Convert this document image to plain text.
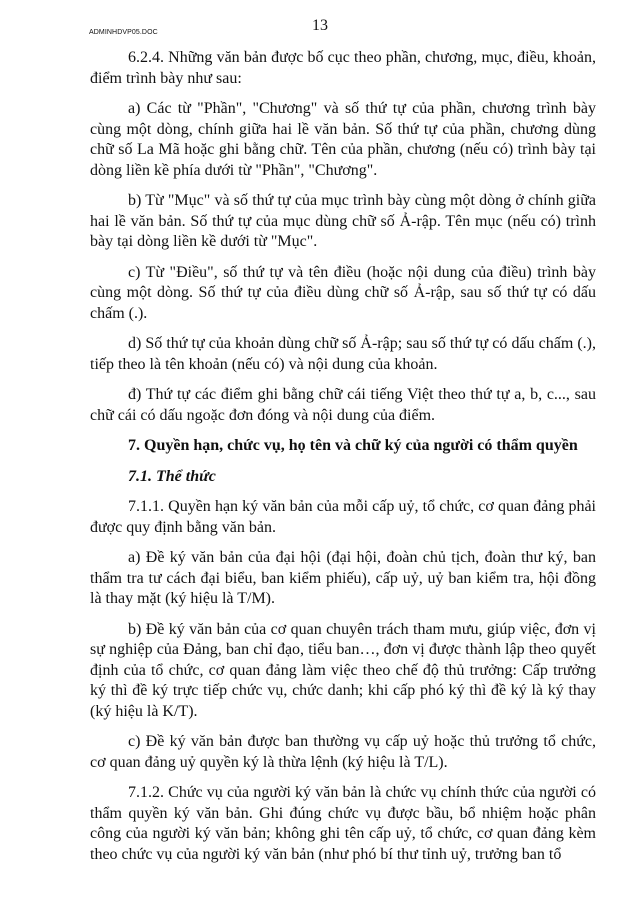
ADMINHDVP05.DOC	13

6.2.4. Những văn bản được bố cục theo phần, chương, mục, điều, khoản, điểm trình bày như sau:

a) Các từ "Phần", "Chương" và số thứ tự của phần, chương trình bày cùng một dòng, chính giữa hai lề văn bản. Số thứ tự của phần, chương dùng chữ số La Mã hoặc ghi bằng chữ. Tên của phần, chương (nếu có) trình bày tại dòng liền kề phía dưới từ "Phần", "Chương".

b) Từ "Mục" và số thứ tự của mục trình bày cùng một dòng ở chính giữa hai lề văn bản. Số thứ tự của mục dùng chữ số Ả-rập. Tên mục (nếu có) trình bày tại dòng liền kề dưới từ "Mục".

c) Từ "Điều", số thứ tự và tên điều (hoặc nội dung của điều) trình bày cùng một dòng. Số thứ tự của điều dùng chữ số Ả-rập, sau số thứ tự có dấu chấm (.).

d) Số thứ tự của khoản dùng chữ số Ả-rập; sau số thứ tự có dấu chấm (.), tiếp theo là tên khoản (nếu có) và nội dung của khoản.

đ) Thứ tự các điểm ghi bằng chữ cái tiếng Việt theo thứ tự a, b, c..., sau chữ cái có dấu ngoặc đơn đóng và nội dung của điểm.

7. Quyền hạn, chức vụ, họ tên và chữ ký của người có thẩm quyền

7.1. Thể thức

7.1.1. Quyền hạn ký văn bản của mỗi cấp uỷ, tổ chức, cơ quan đảng phải được quy định bằng văn bản.

a) Đề ký văn bản của đại hội (đại hội, đoàn chủ tịch, đoàn thư ký, ban thẩm tra tư cách đại biểu, ban kiểm phiếu), cấp uỷ, uỷ ban kiểm tra, hội đồng là thay mặt (ký hiệu là T/M).

b) Đề ký văn bản của cơ quan chuyên trách tham mưu, giúp việc, đơn vị sự nghiệp của Đảng, ban chỉ đạo, tiểu ban…, đơn vị được thành lập theo quyết định của tổ chức, cơ quan đảng làm việc theo chế độ thủ trưởng: Cấp trưởng ký thì đề ký trực tiếp chức vụ, chức danh; khi cấp phó ký thì đề ký là ký thay (ký hiệu là K/T).

c) Đề ký văn bản được ban thường vụ cấp uỷ hoặc thủ trưởng tổ chức, cơ quan đảng uỷ quyền ký là thừa lệnh (ký hiệu là T/L).

7.1.2. Chức vụ của người ký văn bản là chức vụ chính thức của người có thẩm quyền ký văn bản. Ghi đúng chức vụ được bầu, bổ nhiệm hoặc phân công của người ký văn bản; không ghi tên cấp uỷ, tổ chức, cơ quan đảng kèm theo chức vụ của người ký văn bản (như phó bí thư tỉnh uỷ, trưởng ban tổ
